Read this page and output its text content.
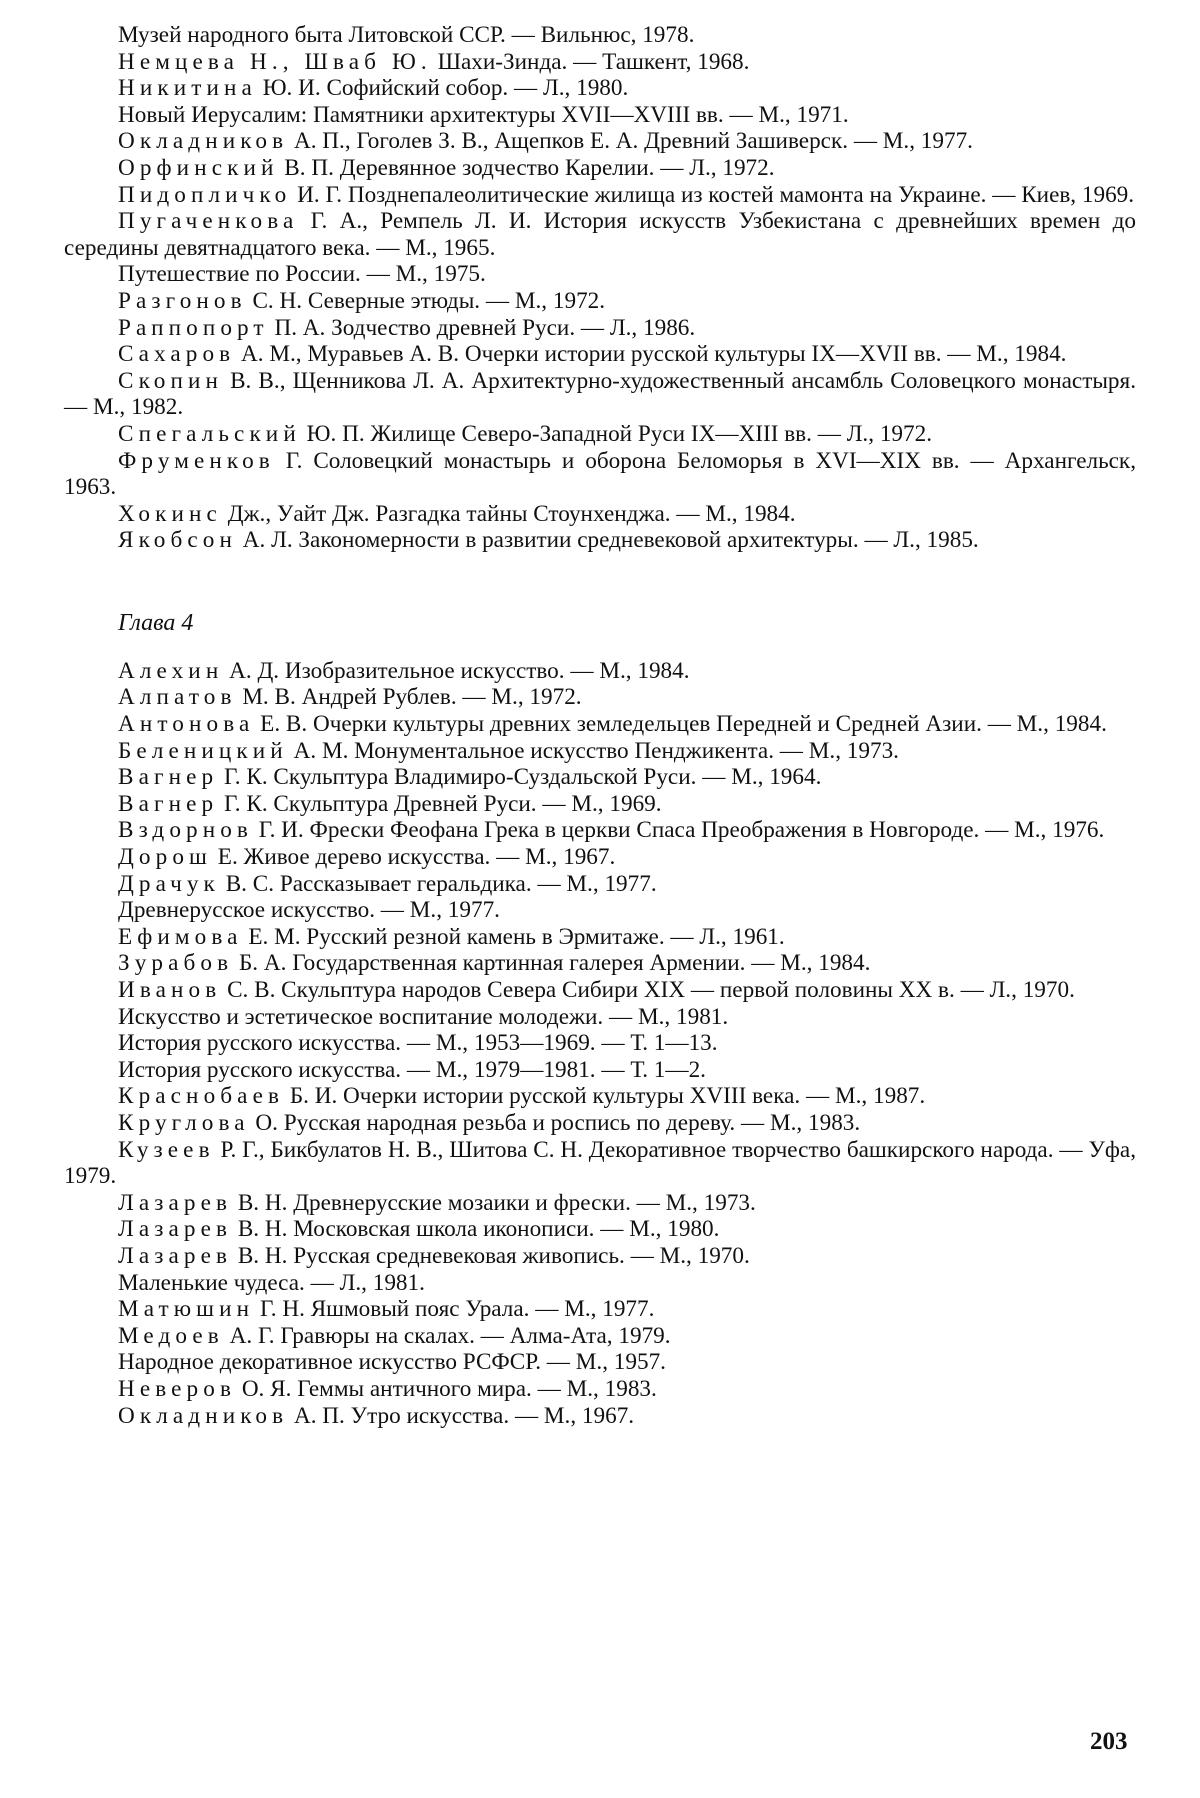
Музей народного быта Литовской ССР. — Вильнюс, 1978.

Немцева Н., Шваб Ю. Шахи-Зинда. — Ташкент, 1968.

Никитина Ю. И. Софийский собор. — Л., 1980.

Новый Иерусалим: Памятники архитектуры XVII—XVIII вв. — М., 1971.

Окладников А. П., Гоголев З. В., Ащепков Е. А. Древний Зашиверск. — М., 1977.

Орфинский В. П. Деревянное зодчество Карелии. — Л., 1972.

Пидопличко И. Г. Позднепалеолитические жилища из костей мамонта на Украине. — Киев, 1969.

Пугаченкова Г. А., Ремпель Л. И. История искусств Узбекистана с древнейших времен до середины девятнадцатого века. — М., 1965.

Путешествие по России. — М., 1975.

Разгонов С. Н. Северные этюды. — М., 1972.

Раппопорт П. А. Зодчество древней Руси. — Л., 1986.

Сахаров А. М., Муравьев А. В. Очерки истории русской культуры IX—XVII вв. — М., 1984.

Скопин В. В., Щенникова Л. А. Архитектурно-художественный ансамбль Соловецкого монастыря. — М., 1982.

Спегальский Ю. П. Жилище Северо-Западной Руси IX—XIII вв. — Л., 1972.

Фруменков Г. Соловецкий монастырь и оборона Беломорья в XVI—XIX вв. — Архангельск, 1963.

Хокинс Дж., Уайт Дж. Разгадка тайны Стоунхенджа. — М., 1984.

Якобсон А. Л. Закономерности в развитии средневековой архитектуры. — Л., 1985.

Глава 4

Алехин А. Д. Изобразительное искусство. — М., 1984.

Алпатов М. В. Андрей Рублев. — М., 1972.

Антонова Е. В. Очерки культуры древних земледельцев Передней и Средней Азии. — М., 1984.

Беленицкий А. М. Монументальное искусство Пенджикента. — М., 1973.

Вагнер Г. К. Скульптура Владимиро-Суздальской Руси. — М., 1964.

Вагнер Г. К. Скульптура Древней Руси. — М., 1969.

Вздорнов Г. И. Фрески Феофана Грека в церкви Спаса Преображения в Новгороде. — М., 1976.

Дорош Е. Живое дерево искусства. — М., 1967.

Драчук В. С. Рассказывает геральдика. — М., 1977.

Древнерусское искусство. — М., 1977.

Ефимова Е. М. Русский резной камень в Эрмитаже. — Л., 1961.

Зурабов Б. А. Государственная картинная галерея Армении. — М., 1984.

Иванов С. В. Скульптура народов Севера Сибири XIX — первой половины XX в. — Л., 1970.

Искусство и эстетическое воспитание молодежи. — М., 1981.

История русского искусства. — М., 1953—1969. — Т. 1—13.

История русского искусства. — М., 1979—1981. — Т. 1—2.

Краснобаев Б. И. Очерки истории русской культуры XVIII века. — М., 1987.

Круглова О. Русская народная резьба и роспись по дереву. — М., 1983.

Кузеев Р. Г., Бикбулатов Н. В., Шитова С. Н. Декоративное творчество башкирского народа. — Уфа, 1979.

Лазарев В. Н. Древнерусские мозаики и фрески. — М., 1973.

Лазарев В. Н. Московская школа иконописи. — М., 1980.

Лазарев В. Н. Русская средневековая живопись. — М., 1970.

Маленькие чудеса. — Л., 1981.

Матюшин Г. Н. Яшмовый пояс Урала. — М., 1977.

Медоев А. Г. Гравюры на скалах. — Алма-Ата, 1979.

Народное декоративное искусство РСФСР. — М., 1957.

Неверов О. Я. Геммы античного мира. — М., 1983.

Окладников А. П. Утро искусства. — М., 1967.

203
